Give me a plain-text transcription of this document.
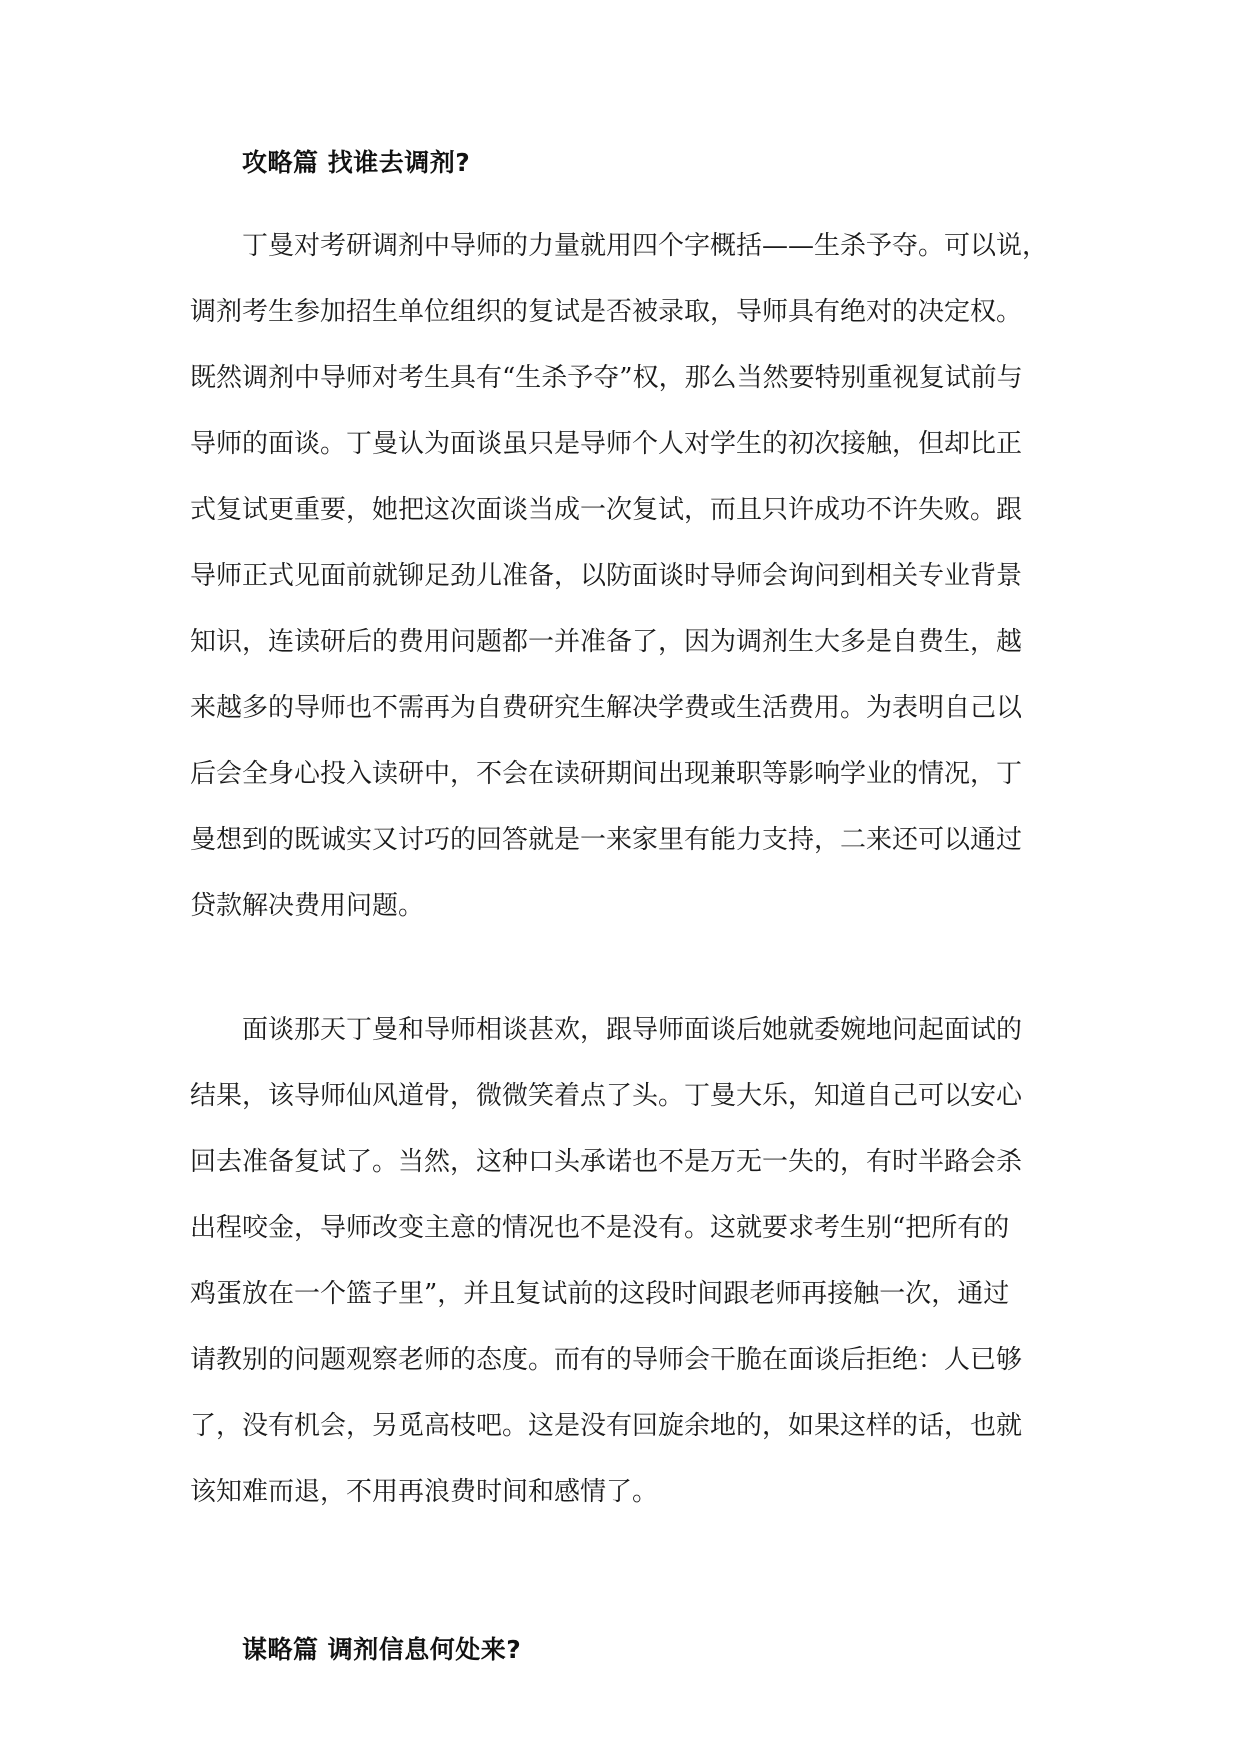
攻略篇 找谁去调剂?
丁曼对考研调剂中导师的力量就用四个字概括——生杀予夺。可以说，
调剂考生参加招生单位组织的复试是否被录取，导师具有绝对的决定权。
既然调剂中导师对考生具有“生杀予夺”权，那么当然要特别重视复试前与
导师的面谈。丁曼认为面谈虽只是导师个人对学生的初次接触，但却比正
式复试更重要，她把这次面谈当成一次复试，而且只许成功不许失败。跟
导师正式见面前就铆足劲儿准备，以防面谈时导师会询问到相关专业背景
知识，连读研后的费用问题都一并准备了，因为调剂生大多是自费生，越
来越多的导师也不需再为自费研究生解决学费或生活费用。为表明自己以
后会全身心投入读研中，不会在读研期间出现兼职等影响学业的情况，丁
曼想到的既诚实又讨巧的回答就是一来家里有能力支持，二来还可以通过
贷款解决费用问题。
面谈那天丁曼和导师相谈甚欢，跟导师面谈后她就委婉地问起面试的
结果，该导师仙风道骨，微微笑着点了头。丁曼大乐，知道自己可以安心
回去准备复试了。当然，这种口头承诺也不是万无一失的，有时半路会杀
出程咬金，导师改变主意的情况也不是没有。这就要求考生别“把所有的
鸡蛋放在一个篮子里”，并且复试前的这段时间跟老师再接触一次，通过
请教别的问题观察老师的态度。而有的导师会干脆在面谈后拒绝：人已够
了，没有机会，另觅高枝吧。这是没有回旋余地的，如果这样的话，也就
该知难而退，不用再浪费时间和感情了。
谋略篇 调剂信息何处来?
